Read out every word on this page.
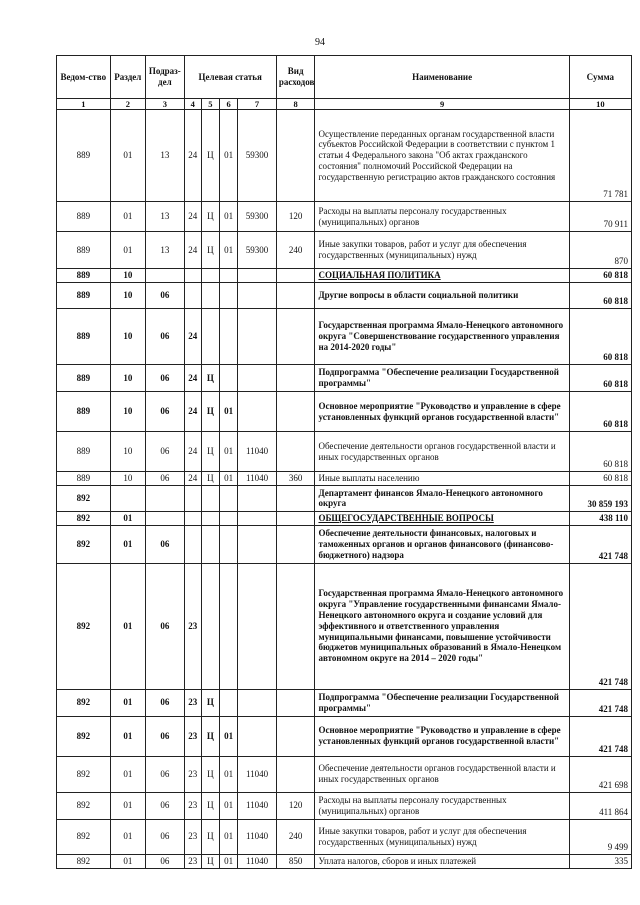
94
Ведом-ство	Раздел	Подраз-дел	Целевая статья				Вид расходов	Наименование	Сумма
1	2	3	4	5	6	7	8	9	10
889	01	13	24	Ц	01	59300		Осуществление переданных органам государственной власти субъектов Российской Федерации в соответствии с пунктом 1 статьи 4 Федерального закона "Об актах гражданского состояния" полномочий Российской Федерации на государственную регистрацию актов гражданского состояния	71 781
889	01	13	24	Ц	01	59300	120	Расходы на выплаты персоналу государственных (муниципальных) органов	70 911
889	01	13	24	Ц	01	59300	240	Иные закупки товаров, работ и услуг для обеспечения государственных (муниципальных) нужд	870
889	10							СОЦИАЛЬНАЯ ПОЛИТИКА	60 818
889	10	06						Другие вопросы в области социальной политики	60 818
889	10	06	24					Государственная программа Ямало-Ненецкого автономного округа "Совершенствование государственного управления на 2014-2020 годы"	60 818
889	10	06	24	Ц				Подпрограмма "Обеспечение реализации Государственной программы"	60 818
889	10	06	24	Ц	01			Основное мероприятие "Руководство и управление в сфере установленных функций органов государственной власти"	60 818
889	10	06	24	Ц	01	11040		Обеспечение деятельности органов государственной власти и иных государственных органов	60 818
889	10	06	24	Ц	01	11040	360	Иные выплаты населению	60 818
892								Департамент финансов Ямало-Ненецкого автономного округа	30 859 193
892	01							ОБЩЕГОСУДАРСТВЕННЫЕ ВОПРОСЫ	438 110
892	01	06						Обеспечение деятельности финансовых, налоговых и таможенных органов и органов финансового (финансово-бюджетного) надзора	421 748
892	01	06	23					Государственная программа Ямало-Ненецкого автономного округа "Управление государственными финансами Ямало-Ненецкого автономного округа и создание условий для эффективного и ответственного управления муниципальными финансами, повышение устойчивости бюджетов муниципальных образований в Ямало-Ненецком автономном округе на 2014 – 2020 годы"	421 748
892	01	06	23	Ц				Подпрограмма "Обеспечение реализации Государственной программы"	421 748
892	01	06	23	Ц	01			Основное мероприятие "Руководство и управление в сфере установленных функций органов государственной власти"	421 748
892	01	06	23	Ц	01	11040		Обеспечение деятельности органов государственной власти и иных государственных органов	421 698
892	01	06	23	Ц	01	11040	120	Расходы на выплаты персоналу государственных (муниципальных) органов	411 864
892	01	06	23	Ц	01	11040	240	Иные закупки товаров, работ и услуг для обеспечения государственных (муниципальных) нужд	9 499
892	01	06	23	Ц	01	11040	850	Уплата налогов, сборов и иных платежей	335
